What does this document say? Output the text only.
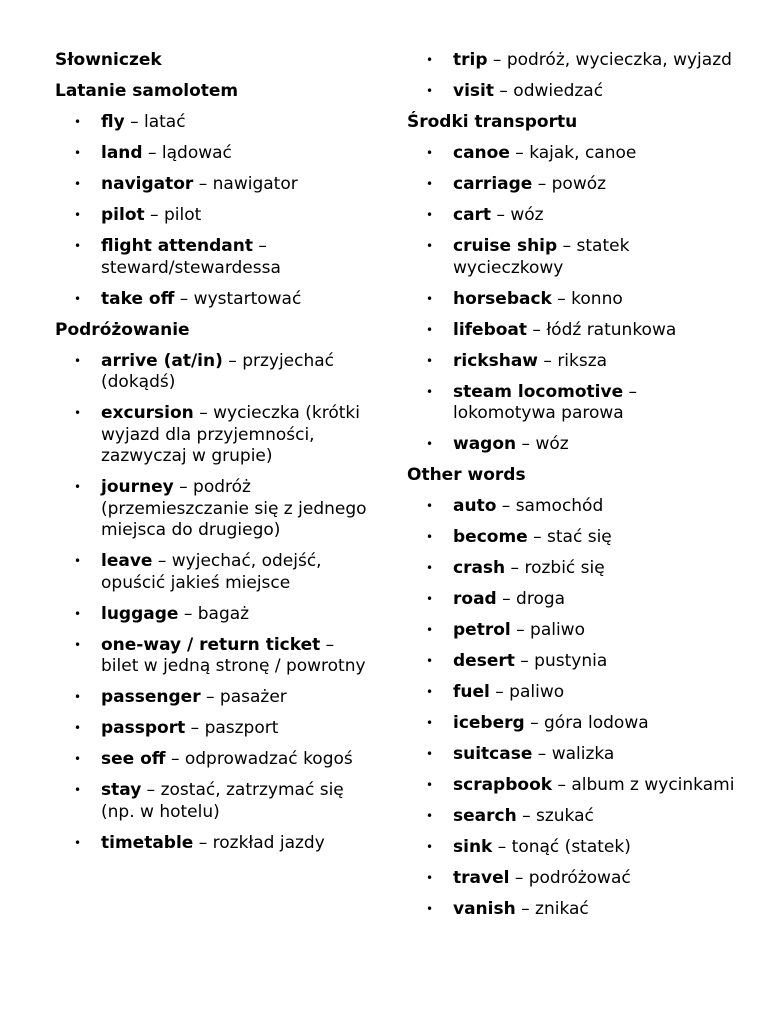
Słowniczek
Latanie samolotem
• fly – latać
• land – lądować
• navigator – nawigator
• pilot – pilot
• flight attendant – steward/stewardessa
• take off – wystartować
Podróżowanie
• arrive (at/in) – przyjechać (dokądś)
• excursion – wycieczka (krótki wyjazd dla przyjemności, zazwyczaj w grupie)
• journey – podróż (przemieszczanie się z jednego miejsca do drugiego)
• leave – wyjechać, odejść, opuścić jakieś miejsce
• luggage – bagaż
• one-way / return ticket – bilet w jedną stronę / powrotny
• passenger – pasażer
• passport – paszport
• see off – odprowadzać kogoś
• stay – zostać, zatrzymać się (np. w hotelu)
• timetable – rozkład jazdy
• trip – podróż, wycieczka, wyjazd
• visit – odwiedzać
Środki transportu
• canoe – kajak, canoe
• carriage – powóz
• cart – wóz
• cruise ship – statek wycieczkowy
• horseback – konno
• lifeboat – łódź ratunkowa
• rickshaw – riksza
• steam locomotive – lokomotywa parowa
• wagon – wóz
Other words
• auto – samochód
• become – stać się
• crash – rozbić się
• road – droga
• petrol – paliwo
• desert – pustynia
• fuel – paliwo
• iceberg – góra lodowa
• suitcase – walizka
• scrapbook – album z wycinkami
• search – szukać
• sink – tonąć (statek)
• travel – podróżować
• vanish – znikać
